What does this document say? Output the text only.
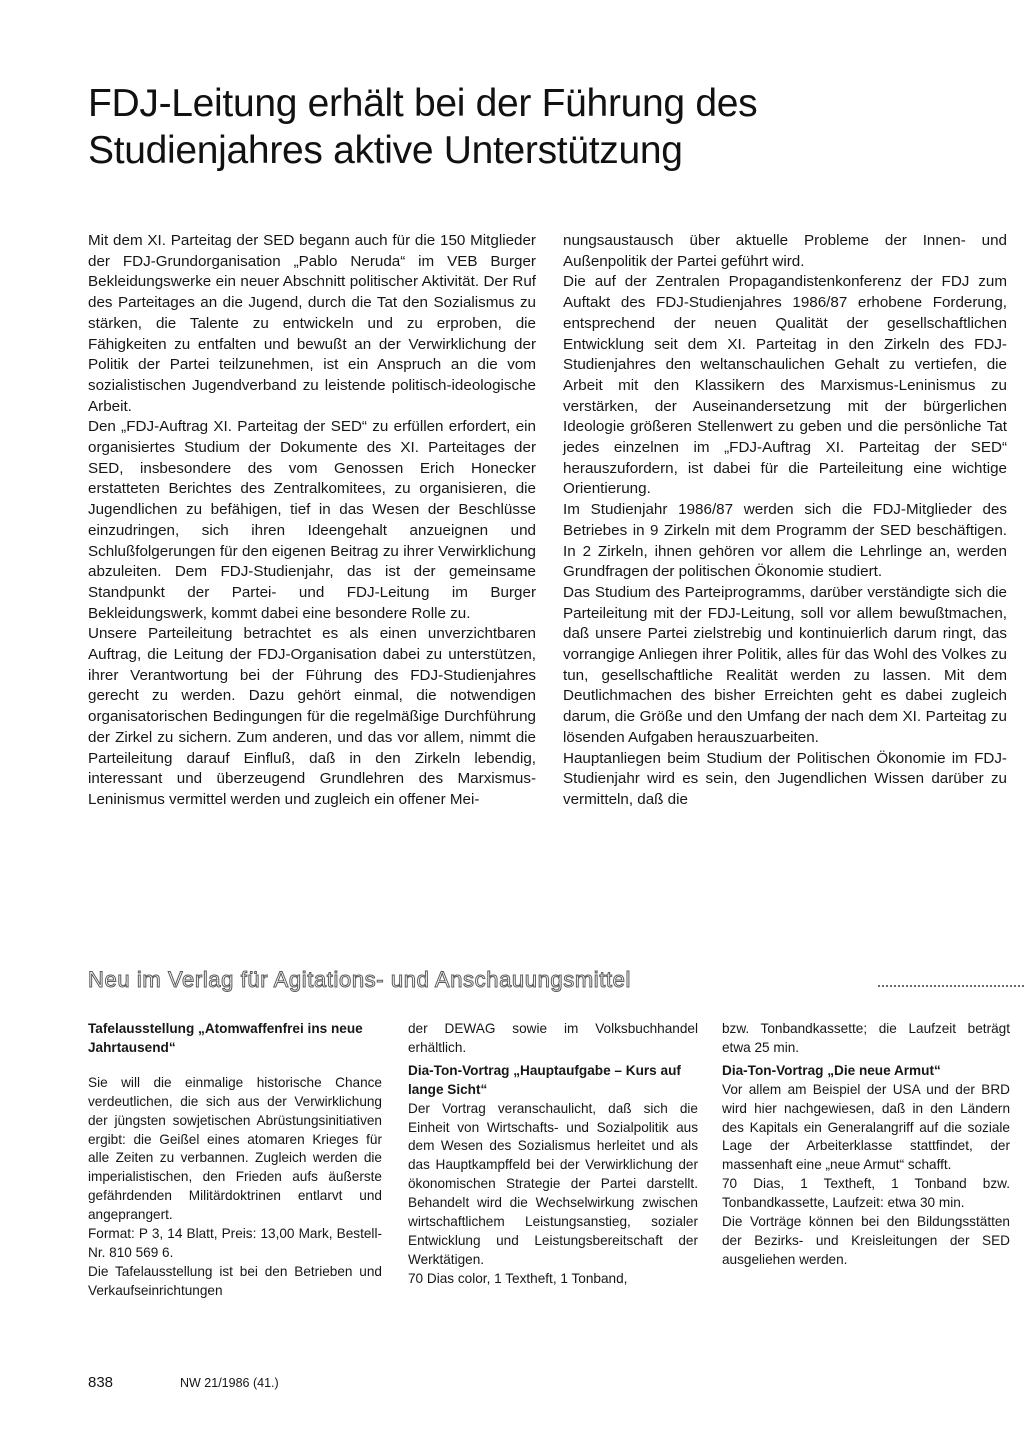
FDJ-Leitung erhält bei der Führung des
Studienjahres aktive Unterstützung

Mit dem XI. Parteitag der SED begann auch für die 150 Mitglieder der FDJ-Grundorganisation „Pablo Neruda“ im VEB Burger Bekleidungswerke ein neuer Abschnitt politischer Aktivität. Der Ruf des Parteitages an die Jugend, durch die Tat den Sozialismus zu stärken, die Talente zu entwickeln und zu erproben, die Fähigkeiten zu entfalten und bewußt an der Verwirklichung der Politik der Partei teilzunehmen, ist ein Anspruch an die vom sozialistischen Jugendverband zu leistende politisch-ideologische Arbeit.

Den „FDJ-Auftrag XI. Parteitag der SED“ zu erfüllen erfordert, ein organisiertes Studium der Dokumente des XI. Parteitages der SED, insbesondere des vom Genossen Erich Honecker erstatteten Berichtes des Zentralkomitees, zu organisieren, die Jugendlichen zu befähigen, tief in das Wesen der Beschlüsse einzudringen, sich ihren Ideengehalt anzueignen und Schlußfolgerungen für den eigenen Beitrag zu ihrer Verwirklichung abzuleiten. Dem FDJ-Studienjahr, das ist der gemeinsame Standpunkt der Partei- und FDJ-Leitung im Burger Bekleidungswerk, kommt dabei eine besondere Rolle zu.

Unsere Parteileitung betrachtet es als einen unverzichtbaren Auftrag, die Leitung der FDJ-Organisation dabei zu unterstützen, ihrer Verantwortung bei der Führung des FDJ-Studienjahres gerecht zu werden. Dazu gehört einmal, die notwendigen organisatorischen Bedingungen für die regelmäßige Durchführung der Zirkel zu sichern. Zum anderen, und das vor allem, nimmt die Parteileitung darauf Einfluß, daß in den Zirkeln lebendig, interessant und überzeugend Grundlehren des Marxismus-Leninismus vermittel werden und zugleich ein offener Mei-

nungsaustausch über aktuelle Probleme der Innen- und Außenpolitik der Partei geführt wird.

Die auf der Zentralen Propagandistenkonferenz der FDJ zum Auftakt des FDJ-Studienjahres 1986/87 erhobene Forderung, entsprechend der neuen Qualität der gesellschaftlichen Entwicklung seit dem XI. Parteitag in den Zirkeln des FDJ-Studienjahres den weltanschaulichen Gehalt zu vertiefen, die Arbeit mit den Klassikern des Marxismus-Leninismus zu verstärken, der Auseinandersetzung mit der bürgerlichen Ideologie größeren Stellenwert zu geben und die persönliche Tat jedes einzelnen im „FDJ-Auftrag XI. Parteitag der SED“ herauszufordern, ist dabei für die Parteileitung eine wichtige Orientierung.

Im Studienjahr 1986/87 werden sich die FDJ-Mitglieder des Betriebes in 9 Zirkeln mit dem Programm der SED beschäftigen. In 2 Zirkeln, ihnen gehören vor allem die Lehrlinge an, werden Grundfragen der politischen Ökonomie studiert.

Das Studium des Parteiprogramms, darüber verständigte sich die Parteileitung mit der FDJ-Leitung, soll vor allem bewußtmachen, daß unsere Partei zielstrebig und kontinuierlich darum ringt, das vorrangige Anliegen ihrer Politik, alles für das Wohl des Volkes zu tun, gesellschaftliche Realität werden zu lassen. Mit dem Deutlichmachen des bisher Erreichten geht es dabei zugleich darum, die Größe und den Umfang der nach dem XI. Parteitag zu lösenden Aufgaben herauszuarbeiten.

Hauptanliegen beim Studium der Politischen Ökonomie im FDJ-Studienjahr wird es sein, den Jugendlichen Wissen darüber zu vermitteln, daß die

Neu im Verlag für Agitations- und Anschauungsmittel

Tafelausstellung „Atomwaffenfrei ins neue Jahrtausend“

Sie will die einmalige historische Chance verdeutlichen, die sich aus der Verwirklichung der jüngsten sowjetischen Abrüstungsinitiativen ergibt: die Geißel eines atomaren Krieges für alle Zeiten zu verbannen. Zugleich werden die imperialistischen, den Frieden aufs äußerste gefährdenden Militärdoktrinen entlarvt und angeprangert.

Format: P 3, 14 Blatt, Preis: 13,00 Mark, Bestell-Nr. 810 569 6.

Die Tafelausstellung ist bei den Betrieben und Verkaufseinrichtungen

der DEWAG sowie im Volksbuchhandel erhältlich.

Dia-Ton-Vortrag „Hauptaufgabe – Kurs auf lange Sicht“

Der Vortrag veranschaulicht, daß sich die Einheit von Wirtschafts- und Sozialpolitik aus dem Wesen des Sozialismus herleitet und als das Hauptkampffeld bei der Verwirklichung der ökonomischen Strategie der Partei darstellt. Behandelt wird die Wechselwirkung zwischen wirtschaftlichem Leistungsanstieg, sozialer Entwicklung und Leistungsbereitschaft der Werktätigen.

70 Dias color, 1 Textheft, 1 Tonband,

bzw. Tonbandkassette; die Laufzeit beträgt etwa 25 min.

Dia-Ton-Vortrag „Die neue Armut“

Vor allem am Beispiel der USA und der BRD wird hier nachgewiesen, daß in den Ländern des Kapitals ein Generalangriff auf die soziale Lage der Arbeiterklasse stattfindet, der massenhaft eine „neue Armut“ schafft.

70 Dias, 1 Textheft, 1 Tonband bzw. Tonbandkassette, Laufzeit: etwa 30 min.

Die Vorträge können bei den Bildungsstätten der Bezirks- und Kreisleitungen der SED ausgeliehen werden.

838	NW 21/1986 (41.)
